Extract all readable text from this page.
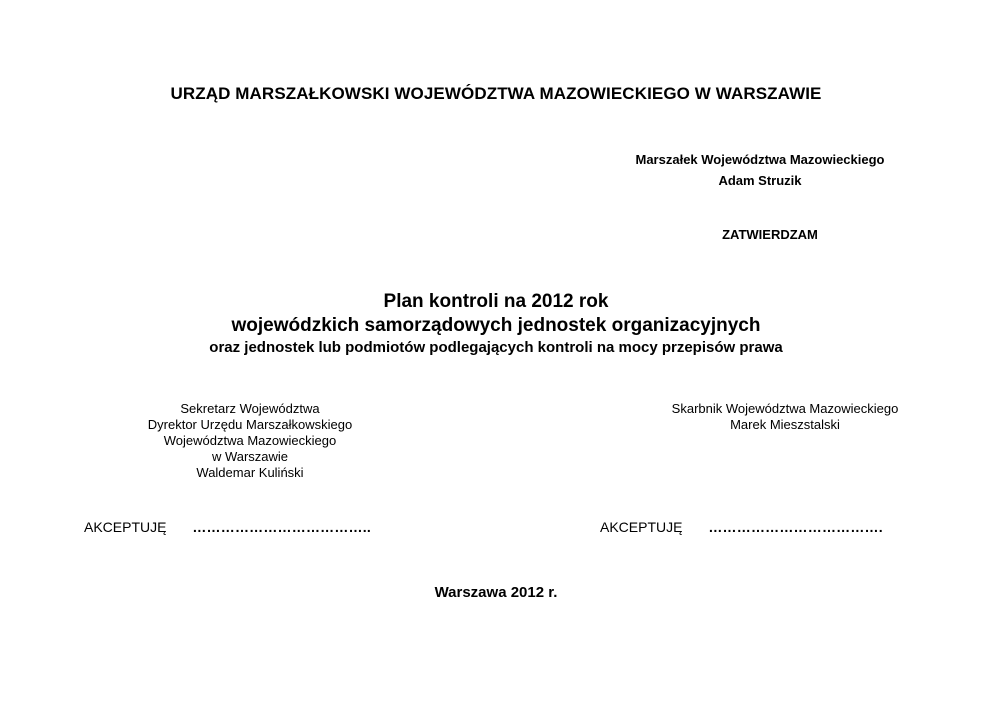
URZĄD MARSZAŁKOWSKI WOJEWÓDZTWA MAZOWIECKIEGO W WARSZAWIE
Marszałek Województwa Mazowieckiego
Adam Struzik
ZATWIERDZAM
Plan kontroli na 2012 rok
wojewódzkich samorządowych jednostek organizacyjnych
oraz jednostek lub podmiotów podlegających kontroli na mocy przepisów prawa
Sekretarz Województwa
Dyrektor Urzędu Marszałkowskiego
Województwa Mazowieckiego
w Warszawie
Waldemar Kuliński
Skarbnik Województwa Mazowieckiego
Marek Mieszstalski
AKCEPTUJĘ ………………………………..	AKCEPTUJĘ ……………………………….
Warszawa 2012 r.
